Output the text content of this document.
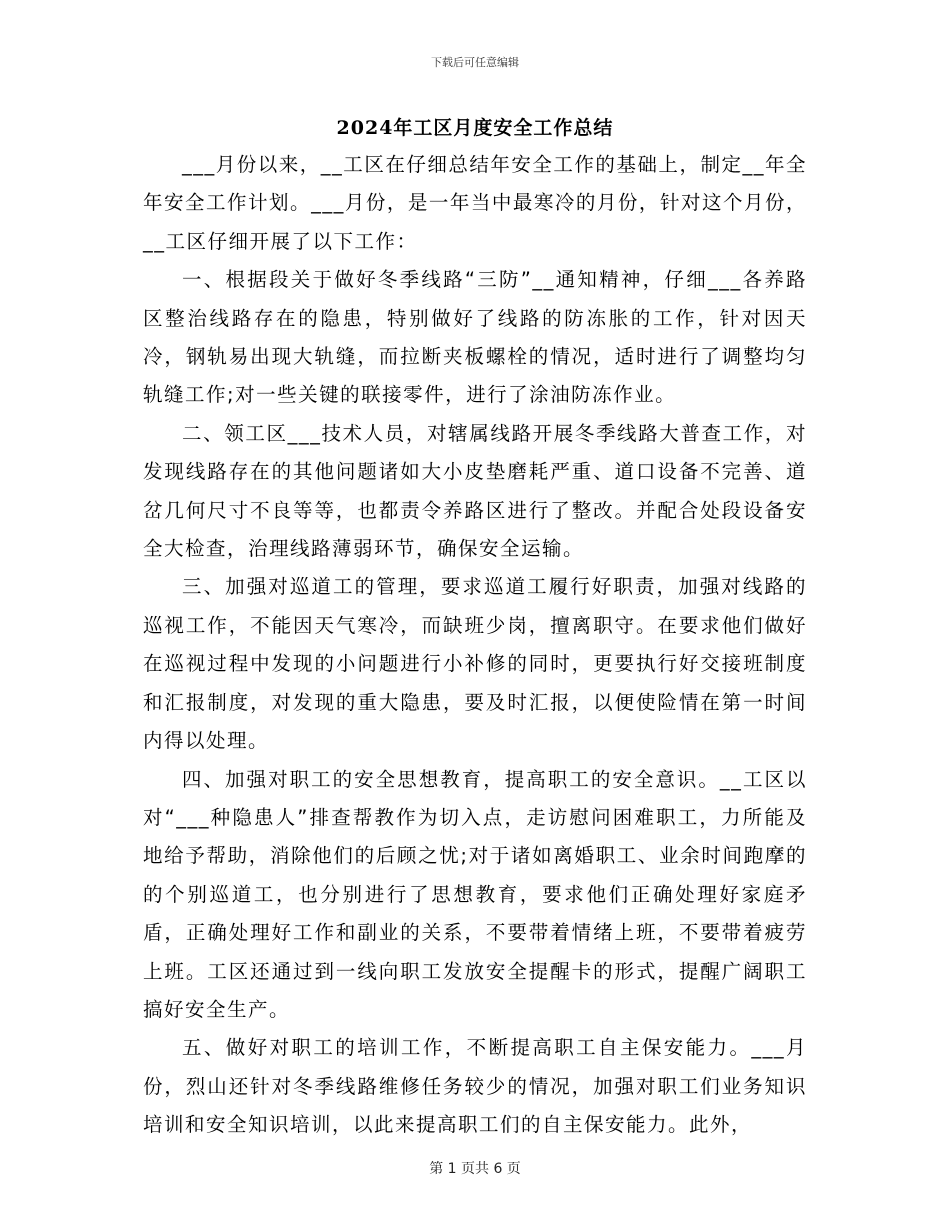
下载后可任意编辑
2024年工区月度安全工作总结

___月份以来，__工区在仔细总结年安全工作的基础上，制定__年全年安全工作计划。___月份，是一年当中最寒冷的月份，针对这个月份，__工区仔细开展了以下工作：

一、根据段关于做好冬季线路“三防”__通知精神，仔细___各养路区整治线路存在的隐患，特别做好了线路的防冻胀的工作，针对因天冷，钢轨易出现大轨缝，而拉断夹板螺栓的情况，适时进行了调整均匀轨缝工作;对一些关键的联接零件，进行了涂油防冻作业。

二、领工区___技术人员，对辖属线路开展冬季线路大普查工作，对发现线路存在的其他问题诸如大小皮垫磨耗严重、道口设备不完善、道岔几何尺寸不良等等，也都责令养路区进行了整改。并配合处段设备安全大检查，治理线路薄弱环节，确保安全运输。

三、加强对巡道工的管理，要求巡道工履行好职责，加强对线路的巡视工作，不能因天气寒冷，而缺班少岗，擅离职守。在要求他们做好在巡视过程中发现的小问题进行小补修的同时，更要执行好交接班制度和汇报制度，对发现的重大隐患，要及时汇报，以便使险情在第一时间内得以处理。

四、加强对职工的安全思想教育，提高职工的安全意识。__工区以对“___种隐患人”排查帮教作为切入点，走访慰问困难职工，力所能及地给予帮助，消除他们的后顾之忧;对于诸如离婚职工、业余时间跑摩的的个别巡道工，也分别进行了思想教育，要求他们正确处理好家庭矛盾，正确处理好工作和副业的关系，不要带着情绪上班，不要带着疲劳上班。工区还通过到一线向职工发放安全提醒卡的形式，提醒广阔职工搞好安全生产。

五、做好对职工的培训工作，不断提高职工自主保安能力。___月份，烈山还针对冬季线路维修任务较少的情况，加强对职工们业务知识培训和安全知识培训，以此来提高职工们的自主保安能力。此外，

第 1 页共 6 页
